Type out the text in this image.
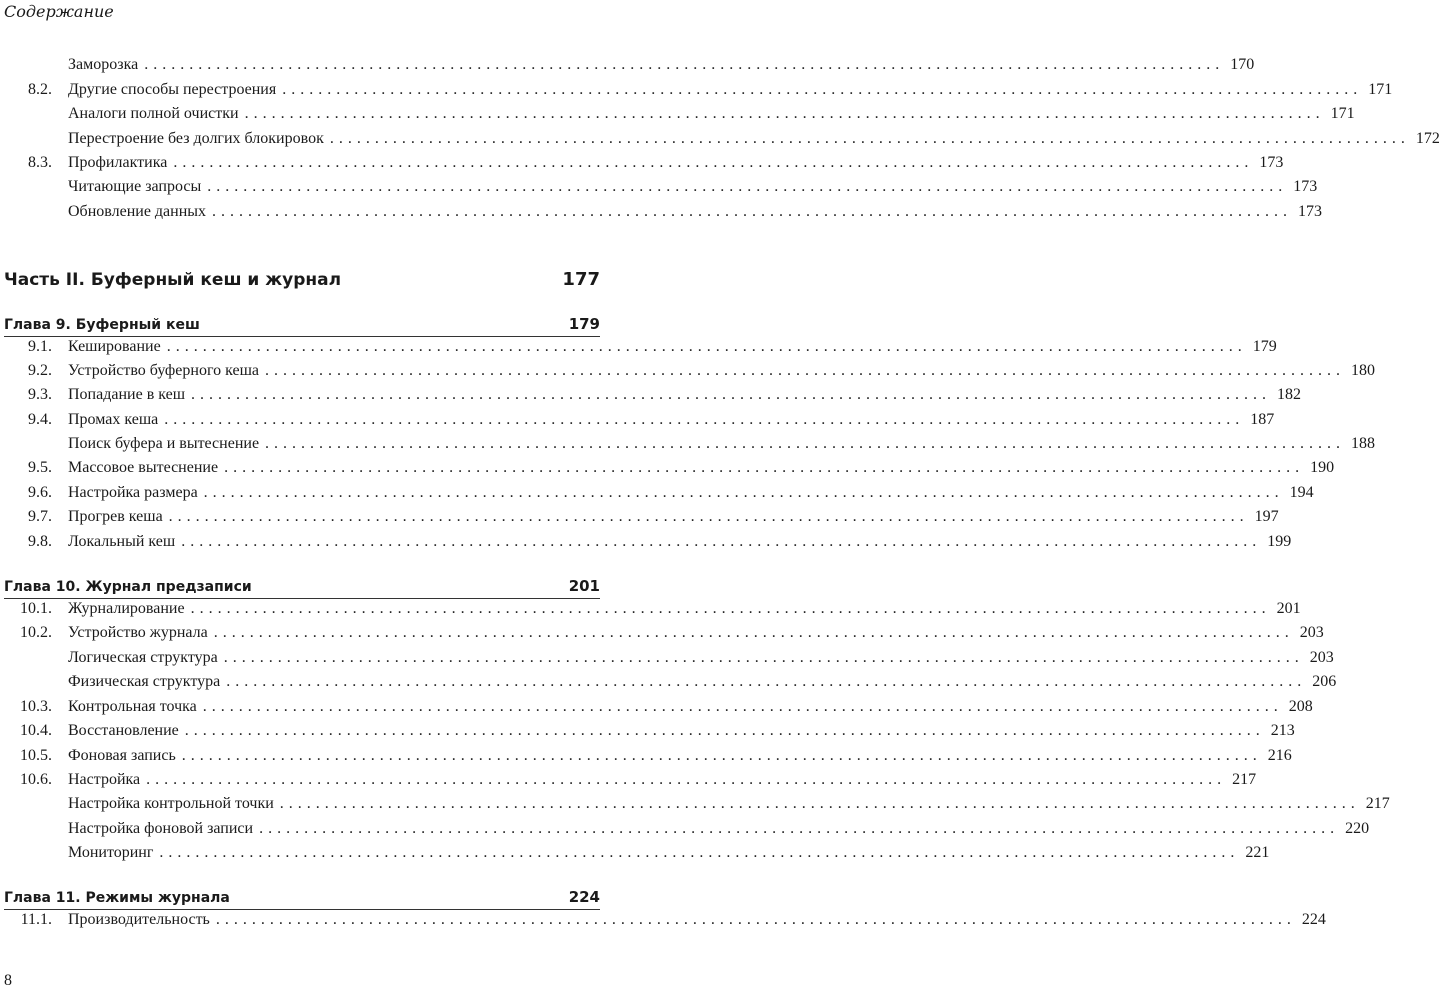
Содержание
Заморозка ........................................................................................................................ 170
8.2. Другие способы перестроения ........................................................................................................................ 171
Аналоги полной очистки ........................................................................................................................ 171
Перестроение без долгих блокировок ........................................................................................................................ 172
8.3. Профилактика ........................................................................................................................ 173
Читающие запросы ........................................................................................................................ 173
Обновление данных ........................................................................................................................ 173
Часть II. Буферный кеш и журнал	177
Глава 9. Буферный кеш	179
9.1. Кеширование ........................................................................................................................ 179
9.2. Устройство буферного кеша ........................................................................................................................ 180
9.3. Попадание в кеш ........................................................................................................................ 182
9.4. Промах кеша ........................................................................................................................ 187
Поиск буфера и вытеснение ........................................................................................................................ 188
9.5. Массовое вытеснение ........................................................................................................................ 190
9.6. Настройка размера ........................................................................................................................ 194
9.7. Прогрев кеша ........................................................................................................................ 197
9.8. Локальный кеш ........................................................................................................................ 199
Глава 10. Журнал предзаписи	201
10.1. Журналирование ........................................................................................................................ 201
10.2. Устройство журнала ........................................................................................................................ 203
Логическая структура ........................................................................................................................ 203
Физическая структура ........................................................................................................................ 206
10.3. Контрольная точка ........................................................................................................................ 208
10.4. Восстановление ........................................................................................................................ 213
10.5. Фоновая запись ........................................................................................................................ 216
10.6. Настройка ........................................................................................................................ 217
Настройка контрольной точки ........................................................................................................................ 217
Настройка фоновой записи ........................................................................................................................ 220
Мониторинг ........................................................................................................................ 221
Глава 11. Режимы журнала	224
11.1. Производительность ........................................................................................................................ 224
8
